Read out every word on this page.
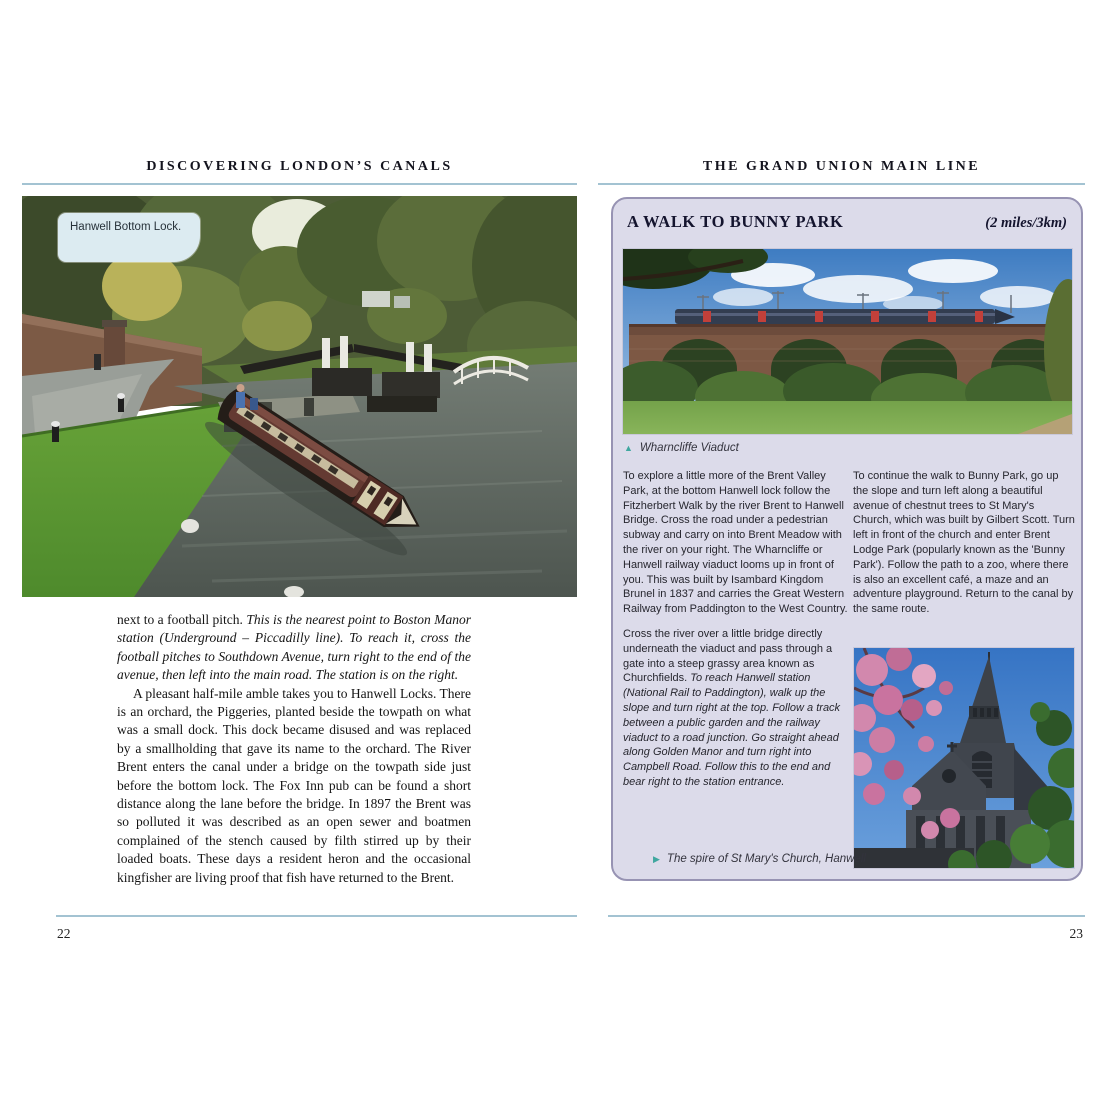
DISCOVERING LONDON’S CANALS
Hanwell Bottom Lock.

next to a football pitch. This is the nearest point to Boston Manor station (Underground – Piccadilly line). To reach it, cross the football pitches to Southdown Avenue, turn right to the end of the avenue, then left into the main road. The station is on the right.

A pleasant half-mile amble takes you to Hanwell Locks. There is an orchard, the Piggeries, planted beside the towpath on what was a small dock. This dock became disused and was replaced by a smallholding that gave its name to the orchard. The River Brent enters the canal under a bridge on the towpath side just before the bottom lock. The Fox Inn pub can be found a short distance along the lane before the bridge. In 1897 the Brent was so polluted it was described as an open sewer and boatmen complained of the stench caused by filth stirred up by their loaded boats. These days a resident heron and the occasional kingfisher are living proof that fish have returned to the Brent.

22
THE GRAND UNION MAIN LINE
A WALK TO BUNNY PARK	(2 miles/3km)
▲ Wharncliffe Viaduct

To explore a little more of the Brent Valley Park, at the bottom Hanwell lock follow the Fitzherbert Walk by the river Brent to Hanwell Bridge. Cross the road under a pedestrian subway and carry on into Brent Meadow with the river on your right. The Wharncliffe or Hanwell railway viaduct looms up in front of you. This was built by Isambard Kingdom Brunel in 1837 and carries the Great Western Railway from Paddington to the West Country.

Cross the river over a little bridge directly underneath the viaduct and pass through a gate into a steep grassy area known as Churchfields. To reach Hanwell station (National Rail to Paddington), walk up the slope and turn right at the top. Follow a track between a public garden and the railway viaduct to a road junction. Go straight ahead along Golden Manor and turn right into Campbell Road. Follow this to the end and bear right to the station entrance.

To continue the walk to Bunny Park, go up the slope and turn left along a beautiful avenue of chestnut trees to St Mary's Church, which was built by Gilbert Scott. Turn left in front of the church and enter Brent Lodge Park (popularly known as the 'Bunny Park'). Follow the path to a zoo, where there is also an excellent café, a maze and an adventure playground. Return to the canal by the same route.

▶ The spire of St Mary's Church, Hanwell
23
